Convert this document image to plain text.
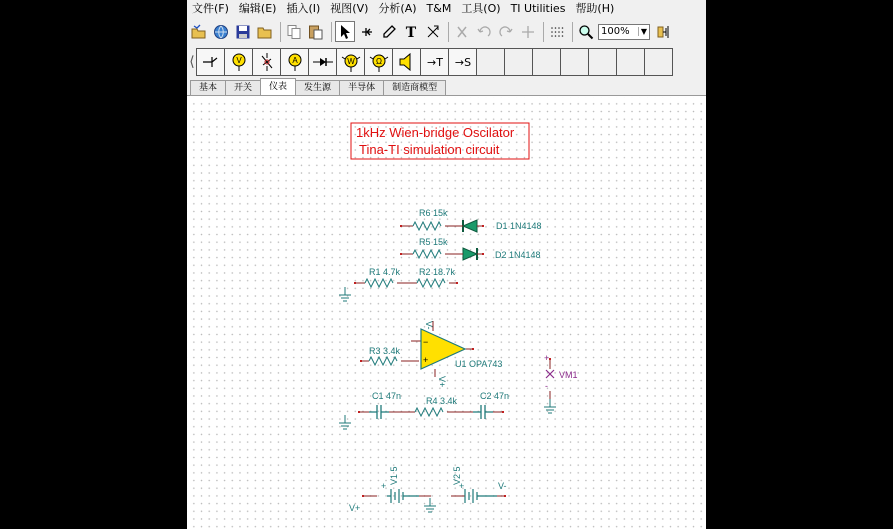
文件(F) 编辑(E) 插入(I) 视图(V) 分析(A) T&M 工具(O) TI Utilities 帮助(H)
T	100%	▼
⟨	V	A	W	Ω	→T →S
基本	开关	仪表	发生源	半导体	制造商模型
1kHz Wien-bridge Oscilator
Tina-TI simulation circuit
−
+
V-
V+
+
-
+	+
R6 15k
D1 1N4148
R5 15k
D2 1N4148
R1 4.7k R2 18.7k
R3 3.4k
U1 OPA743
VM1
C1 47n	R4 3.4k	C2 47n
V1 5	V2 5
V+
V-
